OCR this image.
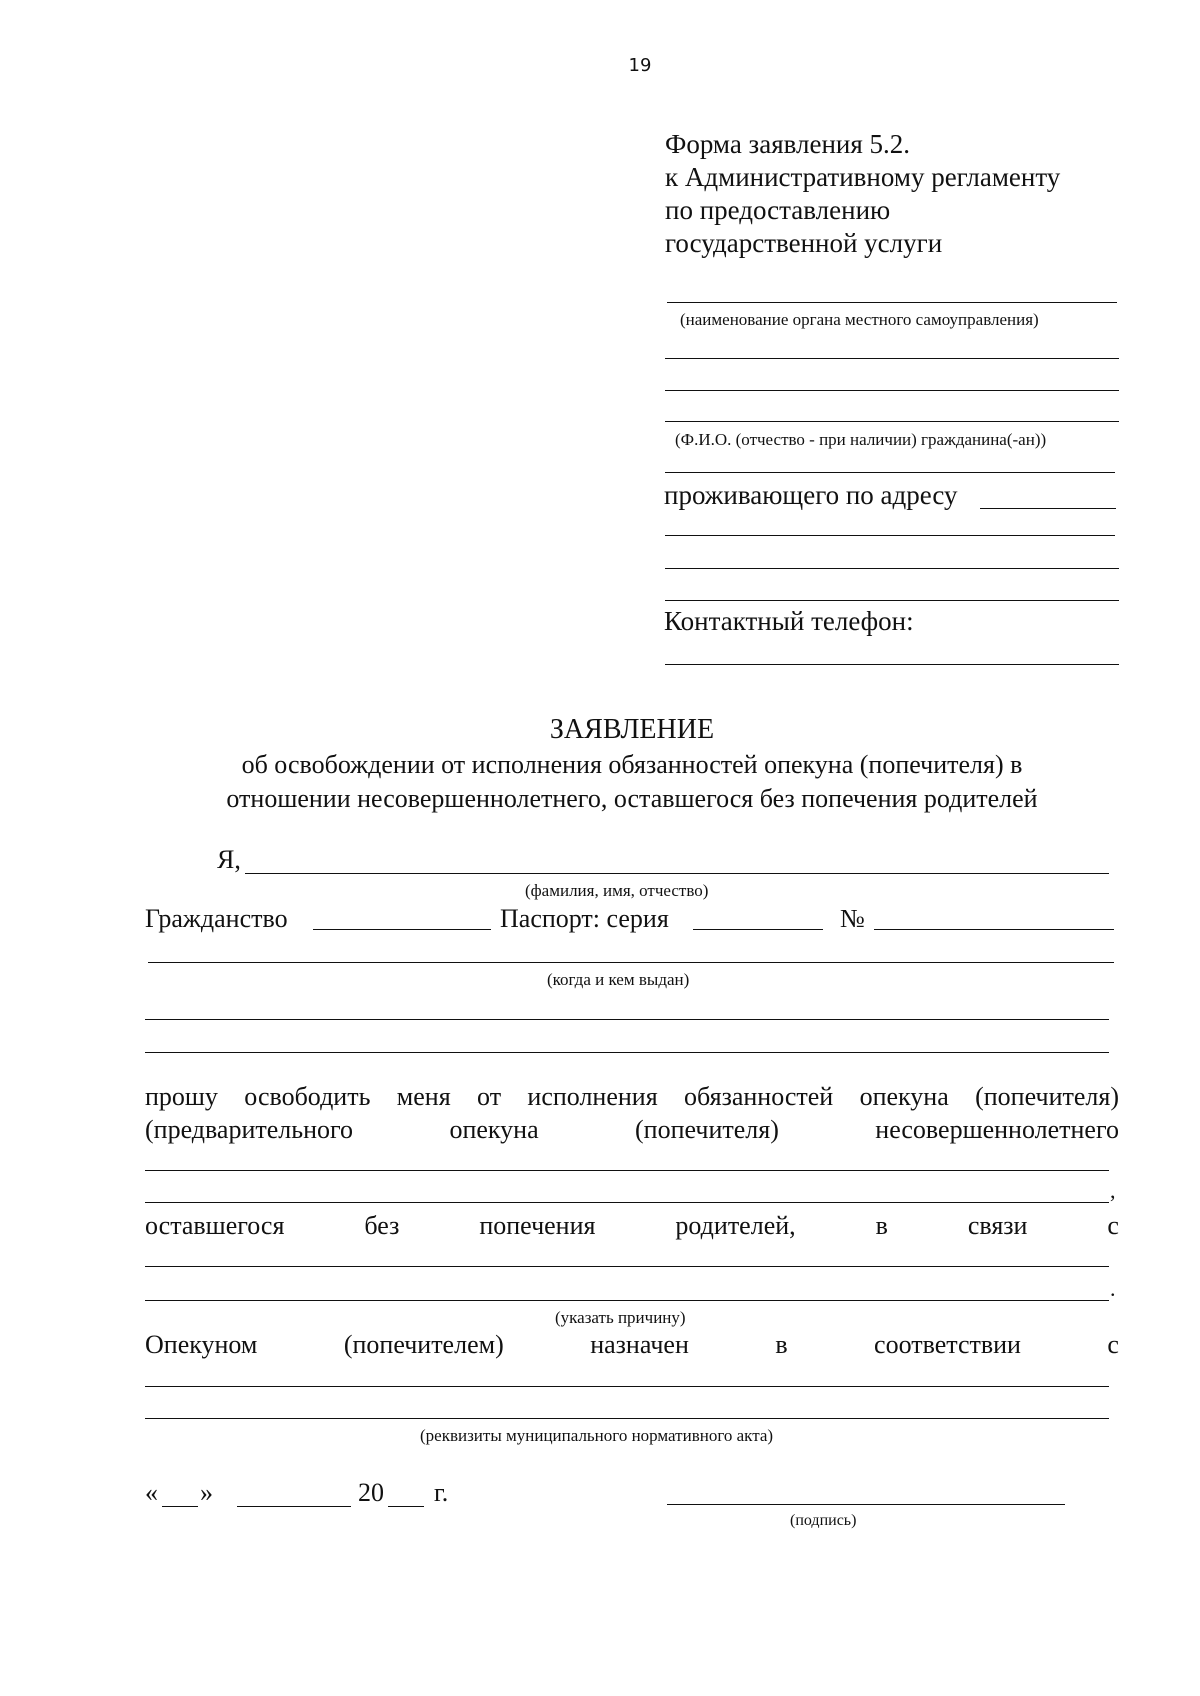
19
Форма заявления 5.2.
к Административному регламенту
по предоставлению
государственной услуги
(наименование органа местного самоуправления)
(Ф.И.О. (отчество - при наличии) гражданина(-ан))
проживающего по адресу
Контактный телефон:
ЗАЯВЛЕНИЕ
об освобождении от исполнения обязанностей опекуна (попечителя) в
отношении несовершеннолетнего, оставшегося без попечения родителей
Я,
(фамилия, имя, отчество)
Гражданство	Паспорт: серия	№
(когда и кем выдан)
прошу освободить меня от исполнения обязанностей опекуна (попечителя)
(предварительного	опекуна	(попечителя)	несовершеннолетнего
,
оставшегося	без	попечения	родителей,	в	связи	с
.
(указать причину)
Опекуном	(попечителем)	назначен	в	соответствии	с
(реквизиты муниципального нормативного акта)
« »	20 г.
(подпись)
